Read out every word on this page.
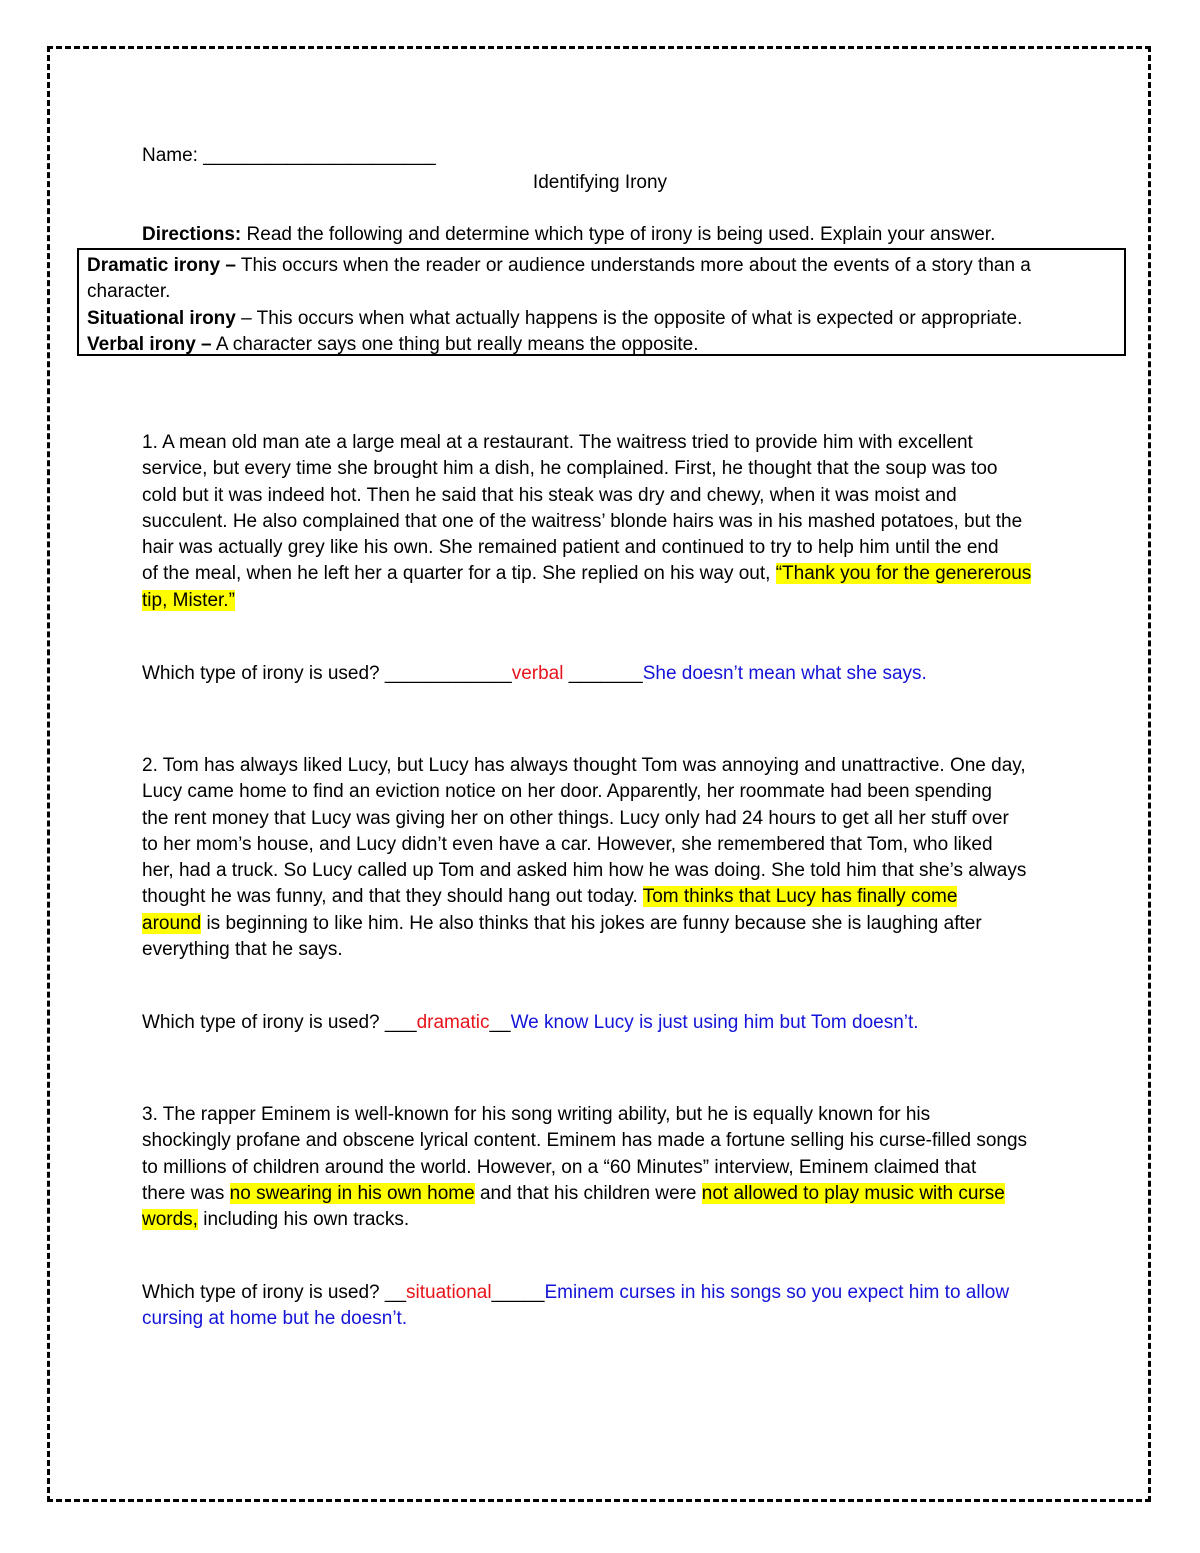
Name: ______________________
Identifying Irony
Directions: Read the following and determine which type of irony is being used. Explain your answer.
Dramatic irony – This occurs when the reader or audience understands more about the events of a story than a
character.
Situational irony – This occurs when what actually happens is the opposite of what is expected or appropriate.
Verbal irony – A character says one thing but really means the opposite.
1. A mean old man ate a large meal at a restaurant. The waitress tried to provide him with excellent
service, but every time she brought him a dish, he complained. First, he thought that the soup was too
cold but it was indeed hot. Then he said that his steak was dry and chewy, when it was moist and
succulent. He also complained that one of the waitress’ blonde hairs was in his mashed potatoes, but the
hair was actually grey like his own. She remained patient and continued to try to help him until the end
of the meal, when he left her a quarter for a tip. She replied on his way out, “Thank you for the genererous
tip, Mister.”
Which type of irony is used? ____________verbal _______She doesn’t mean what she says.
2. Tom has always liked Lucy, but Lucy has always thought Tom was annoying and unattractive. One day,
Lucy came home to find an eviction notice on her door. Apparently, her roommate had been spending
the rent money that Lucy was giving her on other things. Lucy only had 24 hours to get all her stuff over
to her mom’s house, and Lucy didn’t even have a car. However, she remembered that Tom, who liked
her, had a truck. So Lucy called up Tom and asked him how he was doing. She told him that she’s always
thought he was funny, and that they should hang out today. Tom thinks that Lucy has finally come
around is beginning to like him. He also thinks that his jokes are funny because she is laughing after
everything that he says.
Which type of irony is used? ___dramatic__We know Lucy is just using him but Tom doesn’t.
3. The rapper Eminem is well-known for his song writing ability, but he is equally known for his
shockingly profane and obscene lyrical content. Eminem has made a fortune selling his curse-filled songs
to millions of children around the world. However, on a “60 Minutes” interview, Eminem claimed that
there was no swearing in his own home and that his children were not allowed to play music with curse
words, including his own tracks.
Which type of irony is used? __situational_____Eminem curses in his songs so you expect him to allow
cursing at home but he doesn’t.
